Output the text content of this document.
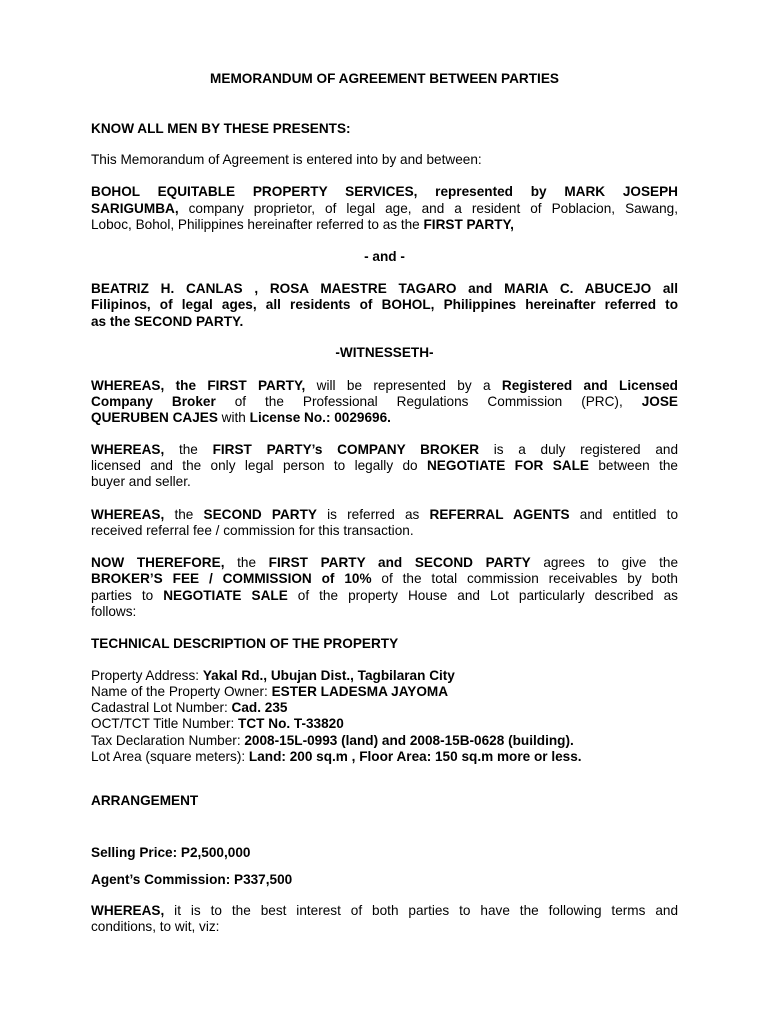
MEMORANDUM OF AGREEMENT BETWEEN PARTIES
KNOW ALL MEN BY THESE PRESENTS:
This Memorandum of Agreement is entered into by and between:
BOHOL EQUITABLE PROPERTY SERVICES, represented by MARK JOSEPH
SARIGUMBA, company proprietor, of legal age, and a resident of Poblacion, Sawang,
Loboc, Bohol, Philippines hereinafter referred to as the FIRST PARTY,
- and -
BEATRIZ H. CANLAS , ROSA MAESTRE TAGARO and MARIA C. ABUCEJO all
Filipinos, of legal ages, all residents of BOHOL, Philippines hereinafter referred to
as the SECOND PARTY.
-WITNESSETH-
WHEREAS, the FIRST PARTY, will be represented by a Registered and Licensed
Company Broker of the Professional Regulations Commission (PRC), JOSE
QUERUBEN CAJES with License No.: 0029696.
WHEREAS, the FIRST PARTY’s COMPANY BROKER is a duly registered and
licensed and the only legal person to legally do NEGOTIATE FOR SALE between the
buyer and seller.
WHEREAS, the SECOND PARTY is referred as REFERRAL AGENTS and entitled to
received referral fee / commission for this transaction.
NOW THEREFORE, the FIRST PARTY and SECOND PARTY agrees to give the
BROKER’S FEE / COMMISSION of 10% of the total commission receivables by both
parties to NEGOTIATE SALE of the property House and Lot particularly described as
follows:
TECHNICAL DESCRIPTION OF THE PROPERTY
Property Address: Yakal Rd., Ubujan Dist., Tagbilaran City
Name of the Property Owner: ESTER LADESMA JAYOMA
Cadastral Lot Number: Cad. 235
OCT/TCT Title Number: TCT No. T-33820
Tax Declaration Number: 2008-15L-0993 (land) and 2008-15B-0628 (building).
Lot Area (square meters): Land: 200 sq.m , Floor Area: 150 sq.m more or less.
ARRANGEMENT
Selling Price: P2,500,000
Agent’s Commission: P337,500
WHEREAS, it is to the best interest of both parties to have the following terms and
conditions, to wit, viz:
